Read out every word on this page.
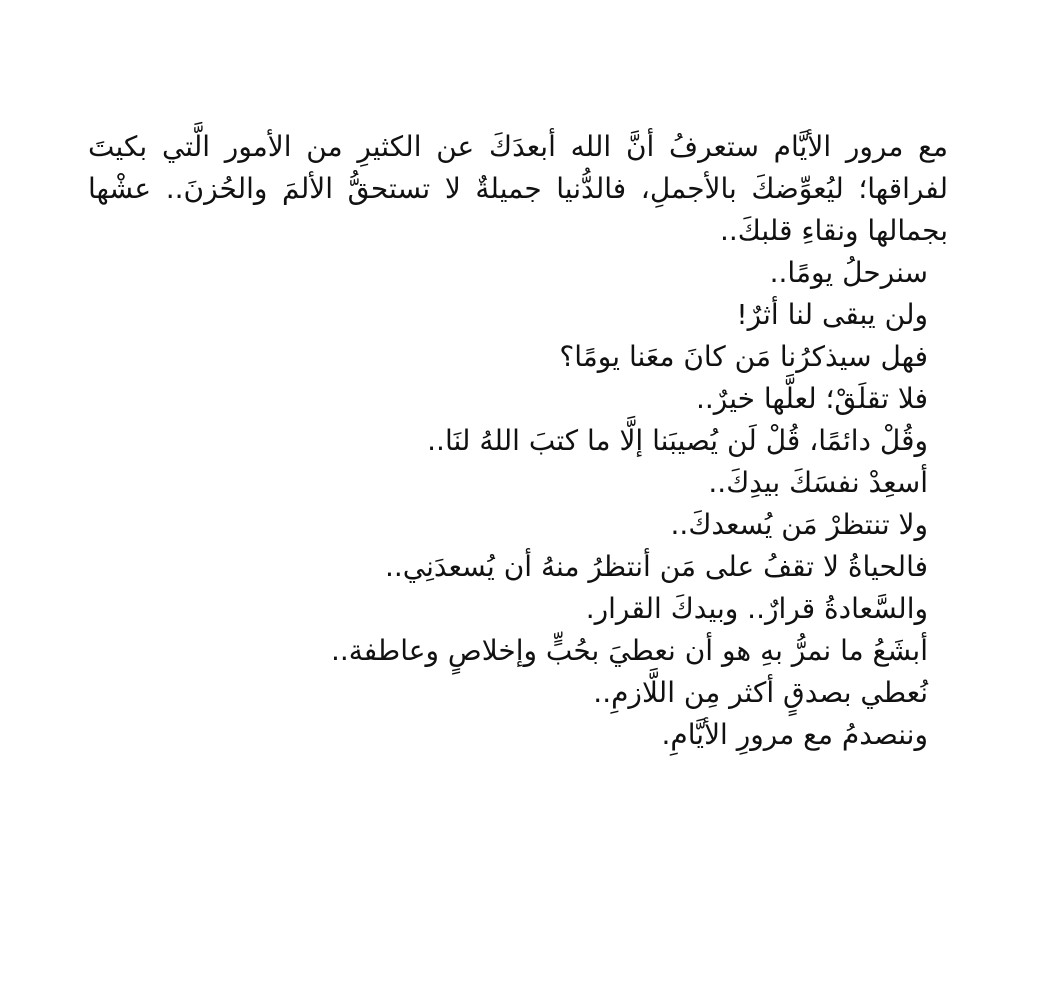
مع مرور الأيَّام ستعرفُ أنَّ الله أبعدَكَ عن الكثيرِ من الأمور الَّتي بكيتَ لفراقها؛ ليُعوِّضكَ بالأجملِ، فالدُّنيا جميلةٌ لا تستحقُّ الألمَ والحُزنَ.. عشْها بجمالها ونقاءِ قلبكَ..

سنرحلُ يومًا..

ولن يبقى لنا أثرٌ!

فهل سيذكرُنا مَن كانَ معَنا يومًا؟

فلا تقلَقْ؛ لعلَّها خيرٌ..

وقُلْ دائمًا، قُلْ لَن يُصيبَنا إلَّا ما كتبَ اللهُ لنَا..

أسعِدْ نفسَكَ بيدِكَ..

ولا تنتظرْ مَن يُسعدكَ..

فالحياةُ لا تقفُ على مَن أنتظرُ منهُ أن يُسعدَنِي..

والسَّعادةُ قرارٌ.. وبيدكَ القرار.

أبشَعُ ما نمرُّ بهِ هو أن نعطيَ بحُبٍّ وإخلاصٍ وعاطفة..

نُعطي بصدقٍ أكثر مِن اللَّازمِ..

وننصدمُ مع مرورِ الأيَّامِ.
